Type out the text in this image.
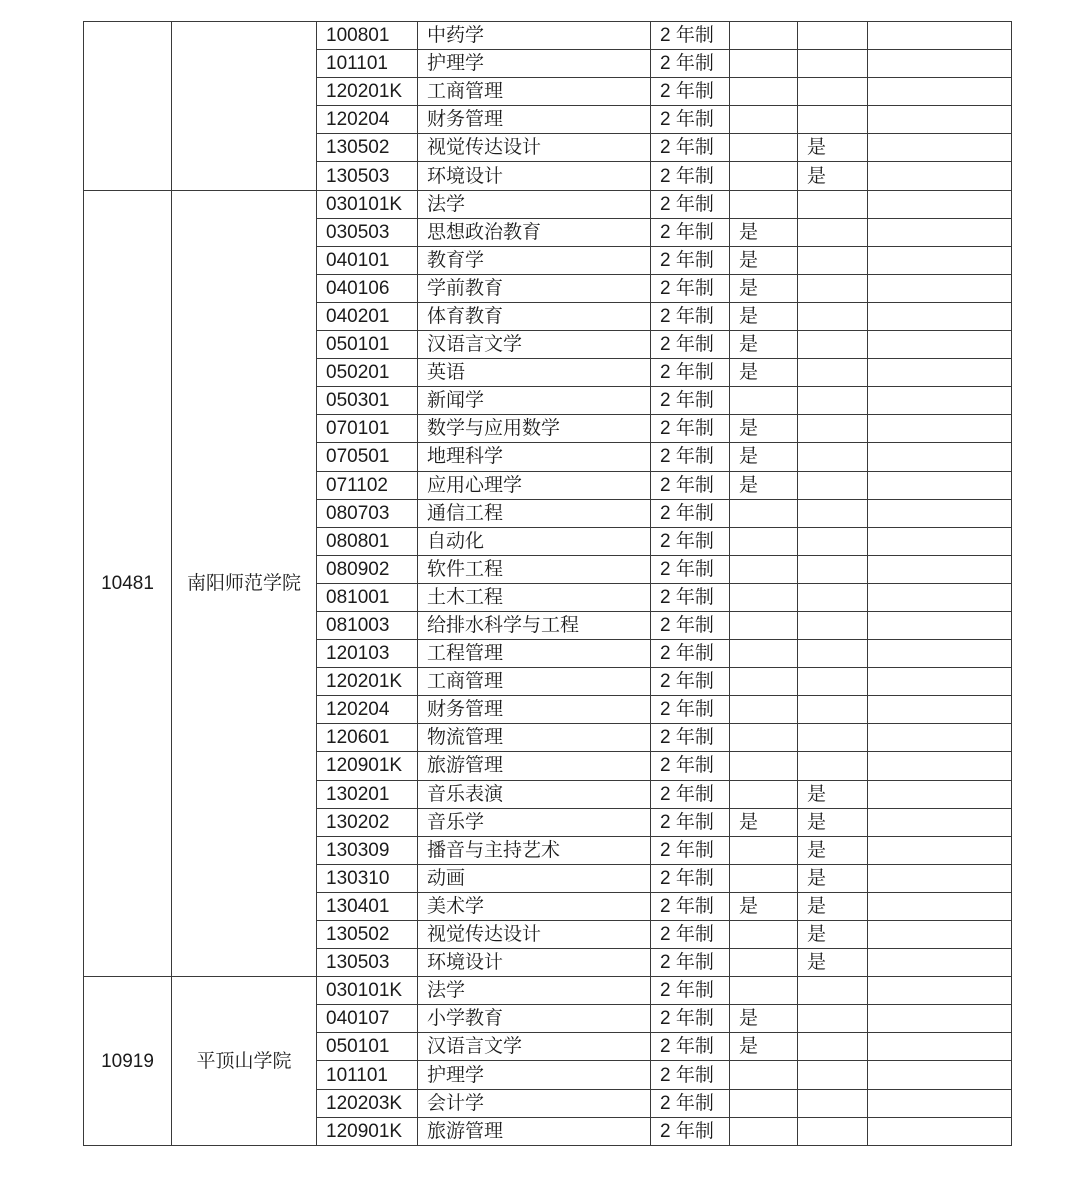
		100801	中药学	2 年制			
		101101	护理学	2 年制			
		120201K	工商管理	2 年制			
		120204	财务管理	2 年制			
		130502	视觉传达设计	2 年制		是	
		130503	环境设计	2 年制		是	
10481	南阳师范学院	030101K	法学	2 年制			
		030503	思想政治教育	2 年制	是		
		040101	教育学	2 年制	是		
		040106	学前教育	2 年制	是		
		040201	体育教育	2 年制	是		
		050101	汉语言文学	2 年制	是		
		050201	英语	2 年制	是		
		050301	新闻学	2 年制			
		070101	数学与应用数学	2 年制	是		
		070501	地理科学	2 年制	是		
		071102	应用心理学	2 年制	是		
		080703	通信工程	2 年制			
		080801	自动化	2 年制			
		080902	软件工程	2 年制			
		081001	土木工程	2 年制			
		081003	给排水科学与工程	2 年制			
		120103	工程管理	2 年制			
		120201K	工商管理	2 年制			
		120204	财务管理	2 年制			
		120601	物流管理	2 年制			
		120901K	旅游管理	2 年制			
		130201	音乐表演	2 年制		是	
		130202	音乐学	2 年制	是	是	
		130309	播音与主持艺术	2 年制		是	
		130310	动画	2 年制		是	
		130401	美术学	2 年制	是	是	
		130502	视觉传达设计	2 年制		是	
		130503	环境设计	2 年制		是	
10919	平顶山学院	030101K	法学	2 年制			
		040107	小学教育	2 年制	是		
		050101	汉语言文学	2 年制	是		
		101101	护理学	2 年制			
		120203K	会计学	2 年制			
		120901K	旅游管理	2 年制			
